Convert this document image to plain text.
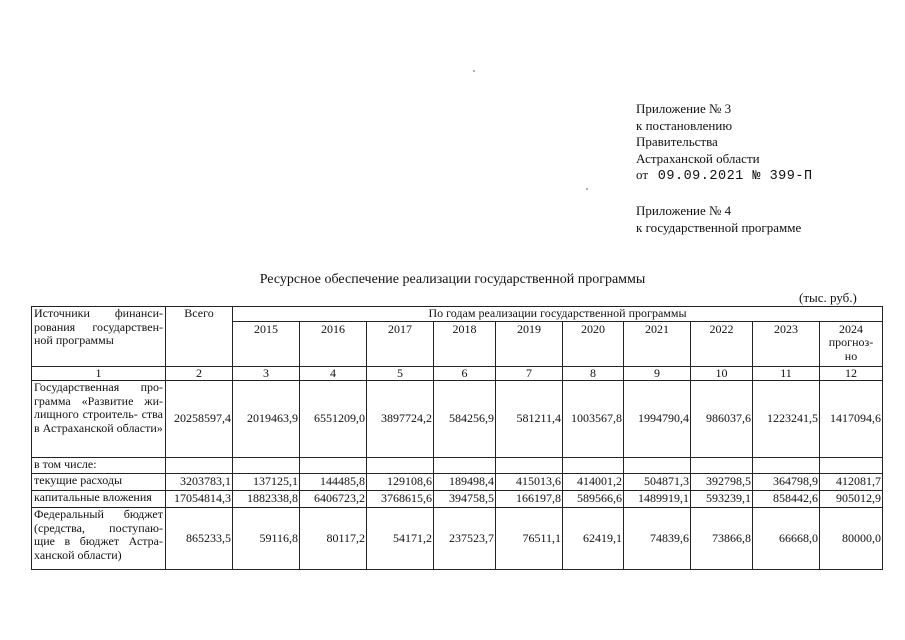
Приложение № 3
к постановлению
Правительства
Астраханской области
от 09.09.2021 № 399-П
Приложение № 4
к государственной программе
Ресурсное обеспечение реализации государственной программы
(тыс. руб.)
Источники финанси- рования государствен- ной программы	Всего	По годам реализации государственной программы									
		2015	2016	2017	2018	2019	2020	2021	2022	2023	2024 прогноз- но
1	2	3	4	5	6	7	8	9	10	11	12
Государственная про- грамма «Развитие жи- лищного строитель- ства в Астраханской области»	20258597,4	2019463,9	6551209,0	3897724,2	584256,9	581211,4	1003567,8	1994790,4	986037,6	1223241,5	1417094,6
в том числе:											
текущие расходы	3203783,1	137125,1	144485,8	129108,6	189498,4	415013,6	414001,2	504871,3	392798,5	364798,9	412081,7
капитальные вложения	17054814,3	1882338,8	6406723,2	3768615,6	394758,5	166197,8	589566,6	1489919,1	593239,1	858442,6	905012,9
Федеральный бюджет (средства, поступаю- щие в бюджет Астра- ханской области)	865233,5	59116,8	80117,2	54171,2	237523,7	76511,1	62419,1	74839,6	73866,8	66668,0	80000,0
